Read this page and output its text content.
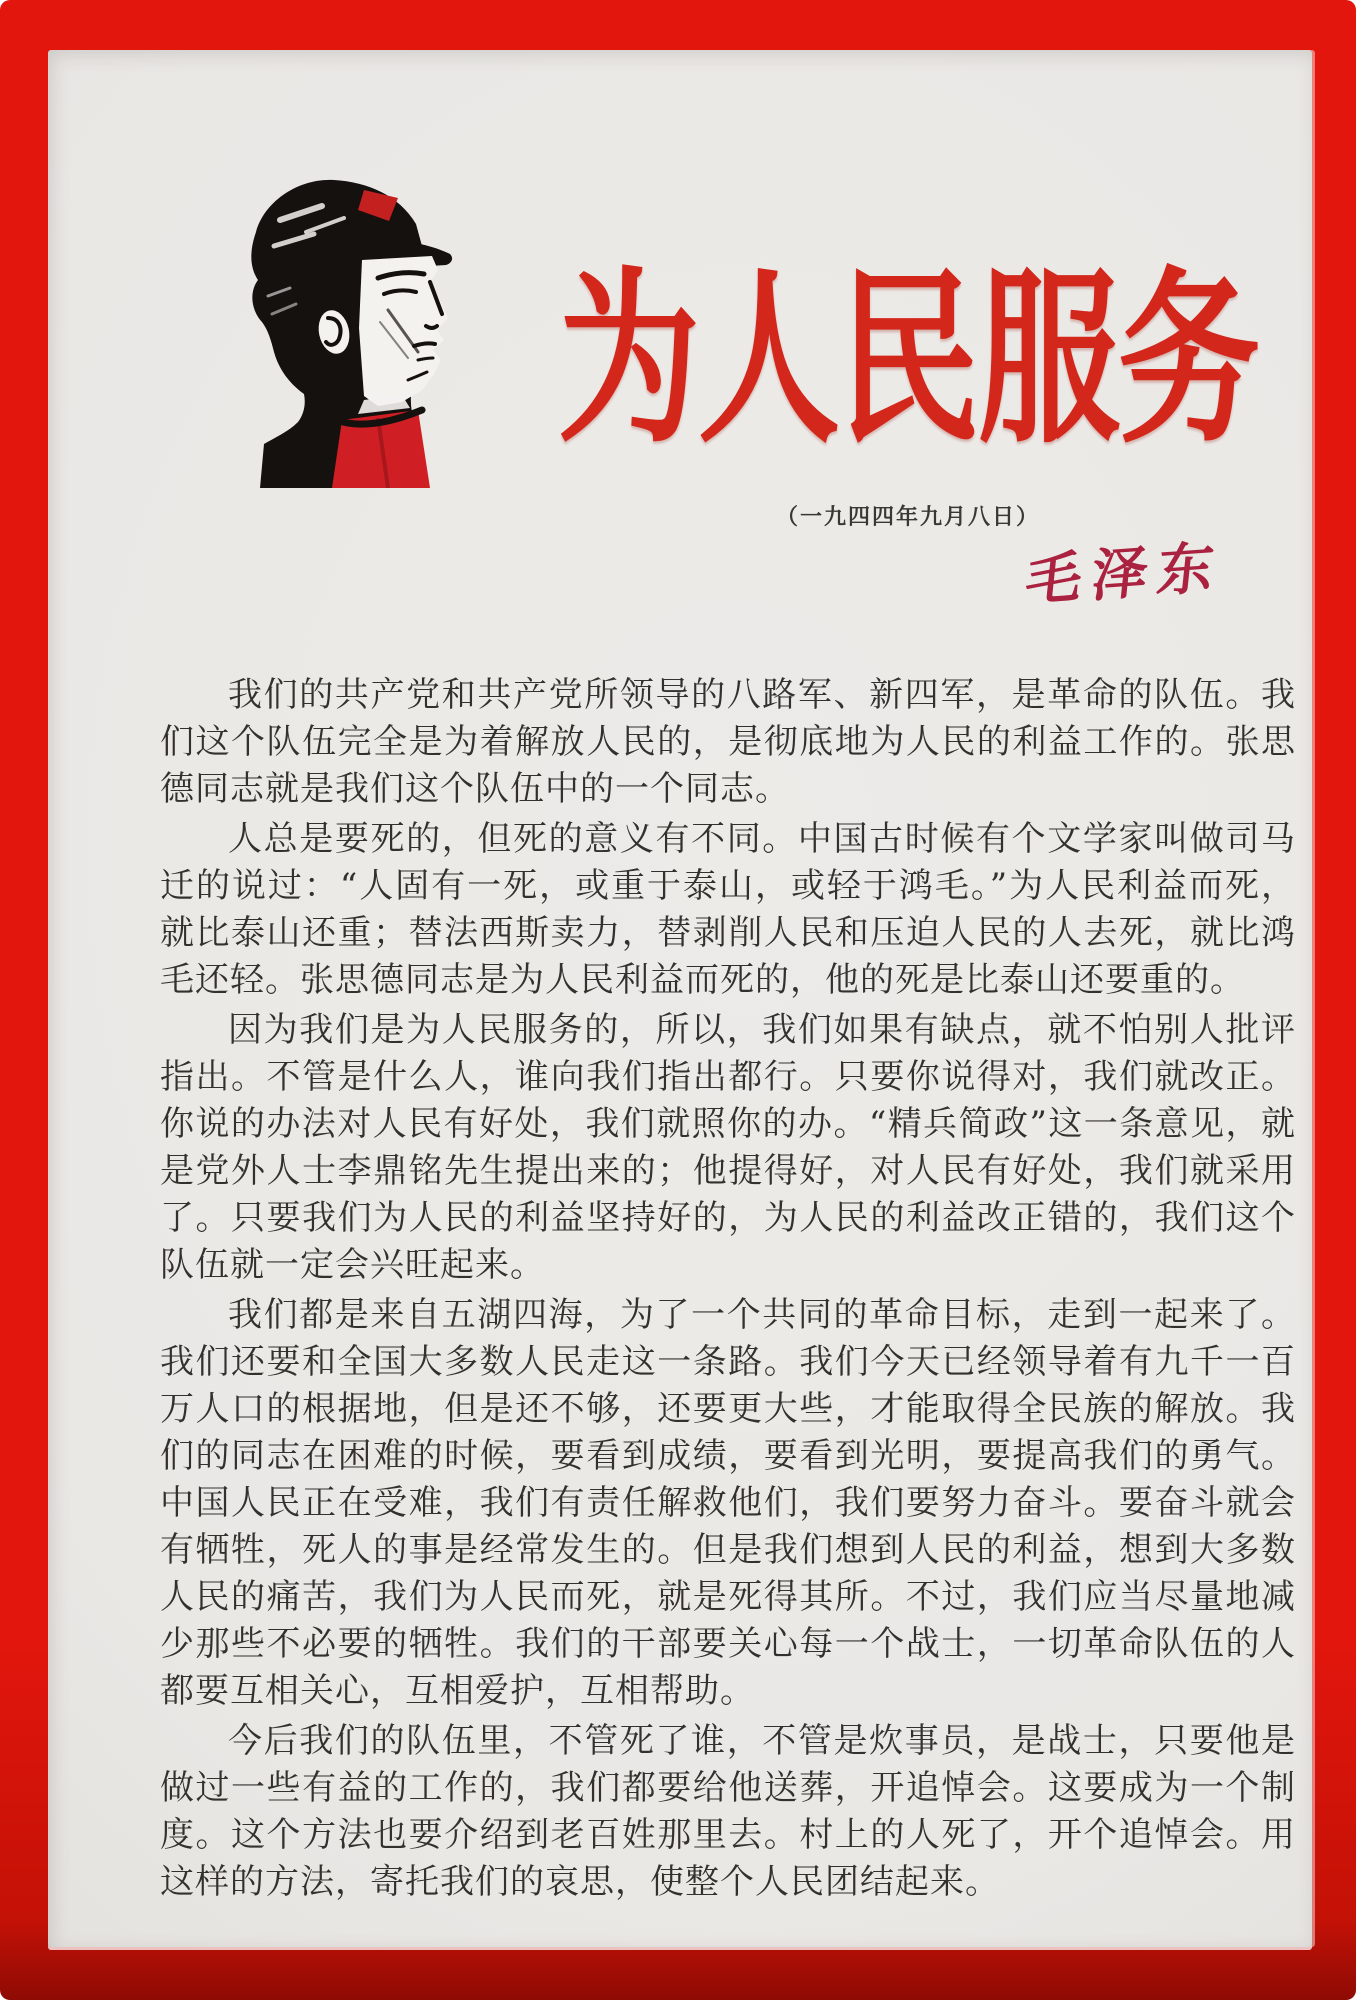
为人民服务
（一九四四年九月八日）
毛泽东

我们的共产党和共产党所领导的八路军、新四军，是革命的队伍。我们这个队伍完全是为着解放人民的，是彻底地为人民的利益工作的。张思德同志就是我们这个队伍中的一个同志。

人总是要死的，但死的意义有不同。中国古时候有个文学家叫做司马迁的说过：“人固有一死，或重于泰山，或轻于鸿毛。”为人民利益而死，就比泰山还重；替法西斯卖力，替剥削人民和压迫人民的人去死，就比鸿毛还轻。张思德同志是为人民利益而死的，他的死是比泰山还要重的。

因为我们是为人民服务的，所以，我们如果有缺点，就不怕别人批评指出。不管是什么人，谁向我们指出都行。只要你说得对，我们就改正。你说的办法对人民有好处，我们就照你的办。“精兵简政”这一条意见，就是党外人士李鼎铭先生提出来的；他提得好，对人民有好处，我们就采用了。只要我们为人民的利益坚持好的，为人民的利益改正错的，我们这个队伍就一定会兴旺起来。

我们都是来自五湖四海，为了一个共同的革命目标，走到一起来了。我们还要和全国大多数人民走这一条路。我们今天已经领导着有九千一百万人口的根据地，但是还不够，还要更大些，才能取得全民族的解放。我们的同志在困难的时候，要看到成绩，要看到光明，要提高我们的勇气。中国人民正在受难，我们有责任解救他们，我们要努力奋斗。要奋斗就会有牺牲，死人的事是经常发生的。但是我们想到人民的利益，想到大多数人民的痛苦，我们为人民而死，就是死得其所。不过，我们应当尽量地减少那些不必要的牺牲。我们的干部要关心每一个战士，一切革命队伍的人都要互相关心，互相爱护，互相帮助。

今后我们的队伍里，不管死了谁，不管是炊事员，是战士，只要他是做过一些有益的工作的，我们都要给他送葬，开追悼会。这要成为一个制度。这个方法也要介绍到老百姓那里去。村上的人死了，开个追悼会。用这样的方法，寄托我们的哀思，使整个人民团结起来。
